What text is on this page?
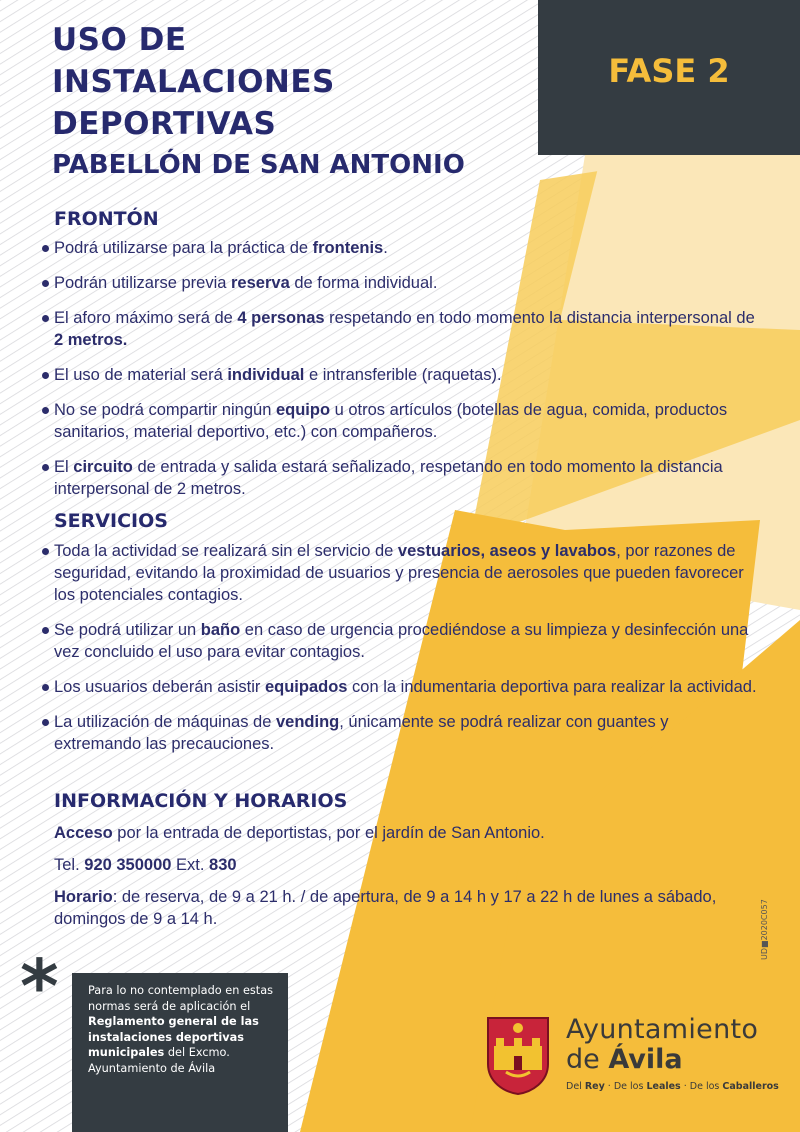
USO DE
INSTALACIONES
DEPORTIVAS
PABELLÓN DE SAN ANTONIO
FASE 2
FRONTÓN
Podrá utilizarse para la práctica de frontenis.
Podrán utilizarse previa reserva de forma individual.
El aforo máximo será de 4 personas respetando en todo momento la distancia interpersonal de 2 metros.
El uso de material será individual e intransferible (raquetas).
No se podrá compartir ningún equipo u otros artículos (botellas de agua, comida, productos sanitarios, material deportivo, etc.) con compañeros.
El circuito de entrada y salida estará señalizado, respetando en todo momento la distancia interpersonal de 2 metros.
SERVICIOS
Toda la actividad se realizará sin el servicio de vestuarios, aseos y lavabos, por razones de seguridad, evitando la proximidad de usuarios y presencia de aerosoles que pueden favorecer los potenciales contagios.
Se podrá utilizar un baño en caso de urgencia procediéndose a su limpieza y desinfección una vez concluido el uso para evitar contagios.
Los usuarios deberán asistir equipados con la indumentaria deportiva para realizar la actividad.
La utilización de máquinas de vending, únicamente se podrá realizar con guantes y extremando las precauciones.
INFORMACIÓN Y HORARIOS
Acceso por la entrada de deportistas, por el jardín de San Antonio.
Tel. 920 350000 Ext. 830
Horario: de reserva, de 9 a 21 h. / de apertura, de 9 a 14 h y 17 a 22 h de lunes a sábado, domingos de 9 a 14 h.
*	Para lo no contemplado en estas normas será de aplicación el Reglamento general de las instalaciones deportivas municipales del Excmo. Ayuntamiento de Ávila
UD■2020C057
Ayuntamiento
de Ávila
Del Rey · De los Leales · De los Caballeros
